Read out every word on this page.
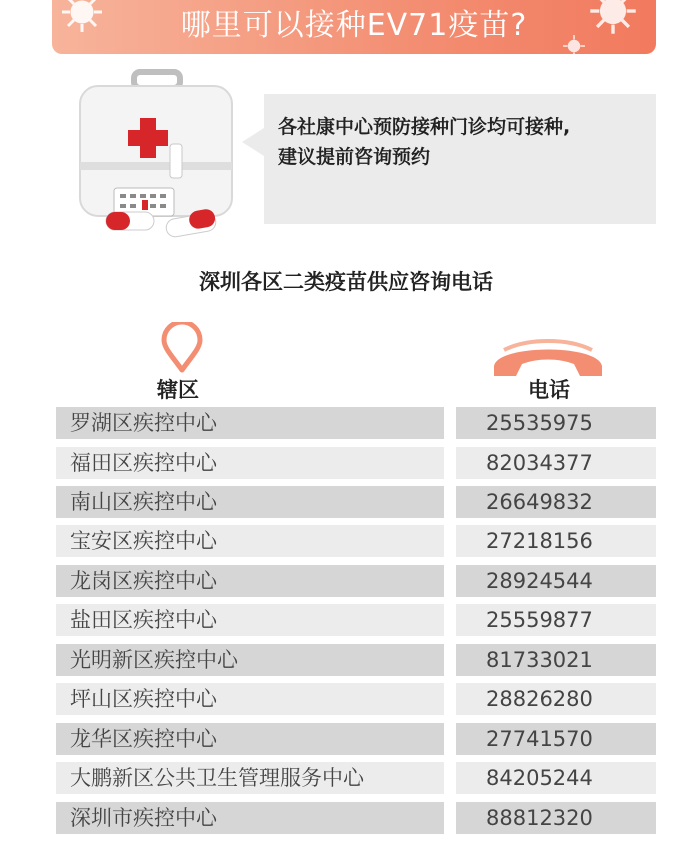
哪里可以接种EV71疫苗?
各社康中心预防接种门诊均可接种,
建议提前咨询预约
深圳各区二类疫苗供应咨询电话
辖区	电话
罗湖区疾控中心	25535975
福田区疾控中心	82034377
南山区疾控中心	26649832
宝安区疾控中心	27218156
龙岗区疾控中心	28924544
盐田区疾控中心	25559877
光明新区疾控中心	81733021
坪山区疾控中心	28826280
龙华区疾控中心	27741570
大鹏新区公共卫生管理服务中心	84205244
深圳市疾控中心	88812320
